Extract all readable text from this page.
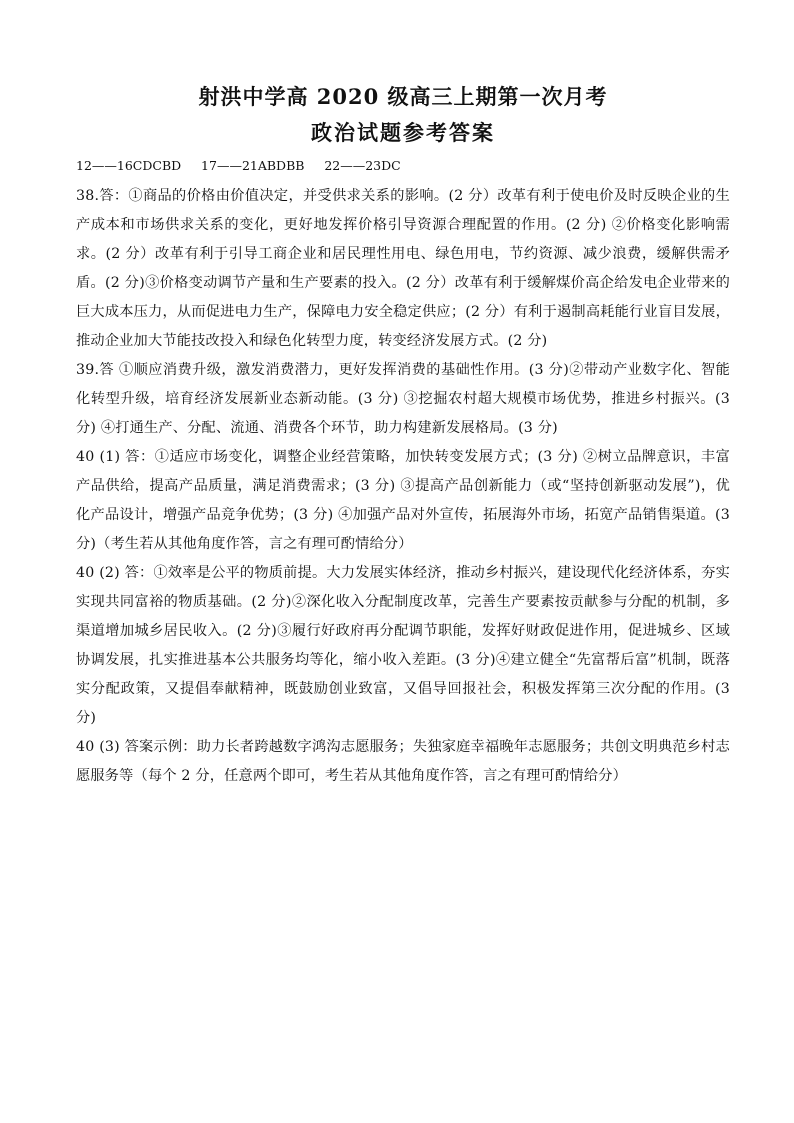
射洪中学高 2020 级高三上期第一次月考
政治试题参考答案

12——16CDCBD     17——21ABDBB     22——23DC

38.答：①商品的价格由价值决定，并受供求关系的影响。(2 分）改革有利于使电价及时反映企业的生产成本和市场供求关系的变化，更好地发挥价格引导资源合理配置的作用。(2 分) ②价格变化影响需求。(2 分）改革有利于引导工商企业和居民理性用电、绿色用电，节约资源、减少浪费，缓解供需矛盾。(2 分)③价格变动调节产量和生产要素的投入。(2 分）改革有利于缓解煤价高企给发电企业带来的巨大成本压力，从而促进电力生产，保障电力安全稳定供应；(2 分）有利于遏制高耗能行业盲目发展，推动企业加大节能技改投入和绿色化转型力度，转变经济发展方式。(2 分)

39.答 ①顺应消费升级，激发消费潜力，更好发挥消费的基础性作用。(3 分)②带动产业数字化、智能化转型升级，培育经济发展新业态新动能。(3 分) ③挖掘农村超大规模市场优势，推进乡村振兴。(3 分) ④打通生产、分配、流通、消费各个环节，助力构建新发展格局。(3 分)

40 (1) 答：①适应市场变化，调整企业经营策略，加快转变发展方式；(3 分) ②树立品牌意识，丰富产品供给，提高产品质量，满足消费需求；(3 分) ③提高产品创新能力（或“坚持创新驱动发展”)，优化产品设计，增强产品竞争优势；(3 分) ④加强产品对外宣传，拓展海外市场，拓宽产品销售渠道。(3 分)（考生若从其他角度作答，言之有理可酌情给分）

40 (2) 答：①效率是公平的物质前提。大力发展实体经济，推动乡村振兴，建设现代化经济体系，夯实实现共同富裕的物质基础。(2 分)②深化收入分配制度改革，完善生产要素按贡献参与分配的机制，多渠道增加城乡居民收入。(2 分)③履行好政府再分配调节职能，发挥好财政促进作用，促进城乡、区域协调发展，扎实推进基本公共服务均等化，缩小收入差距。(3 分)④建立健全“先富帮后富”机制，既落实分配政策，又提倡奉献精神，既鼓励创业致富，又倡导回报社会，积极发挥第三次分配的作用。(3 分)

40 (3) 答案示例：助力长者跨越数字鸿沟志愿服务；失独家庭幸福晚年志愿服务；共创文明典范乡村志愿服务等（每个 2 分，任意两个即可，考生若从其他角度作答，言之有理可酌情给分）
